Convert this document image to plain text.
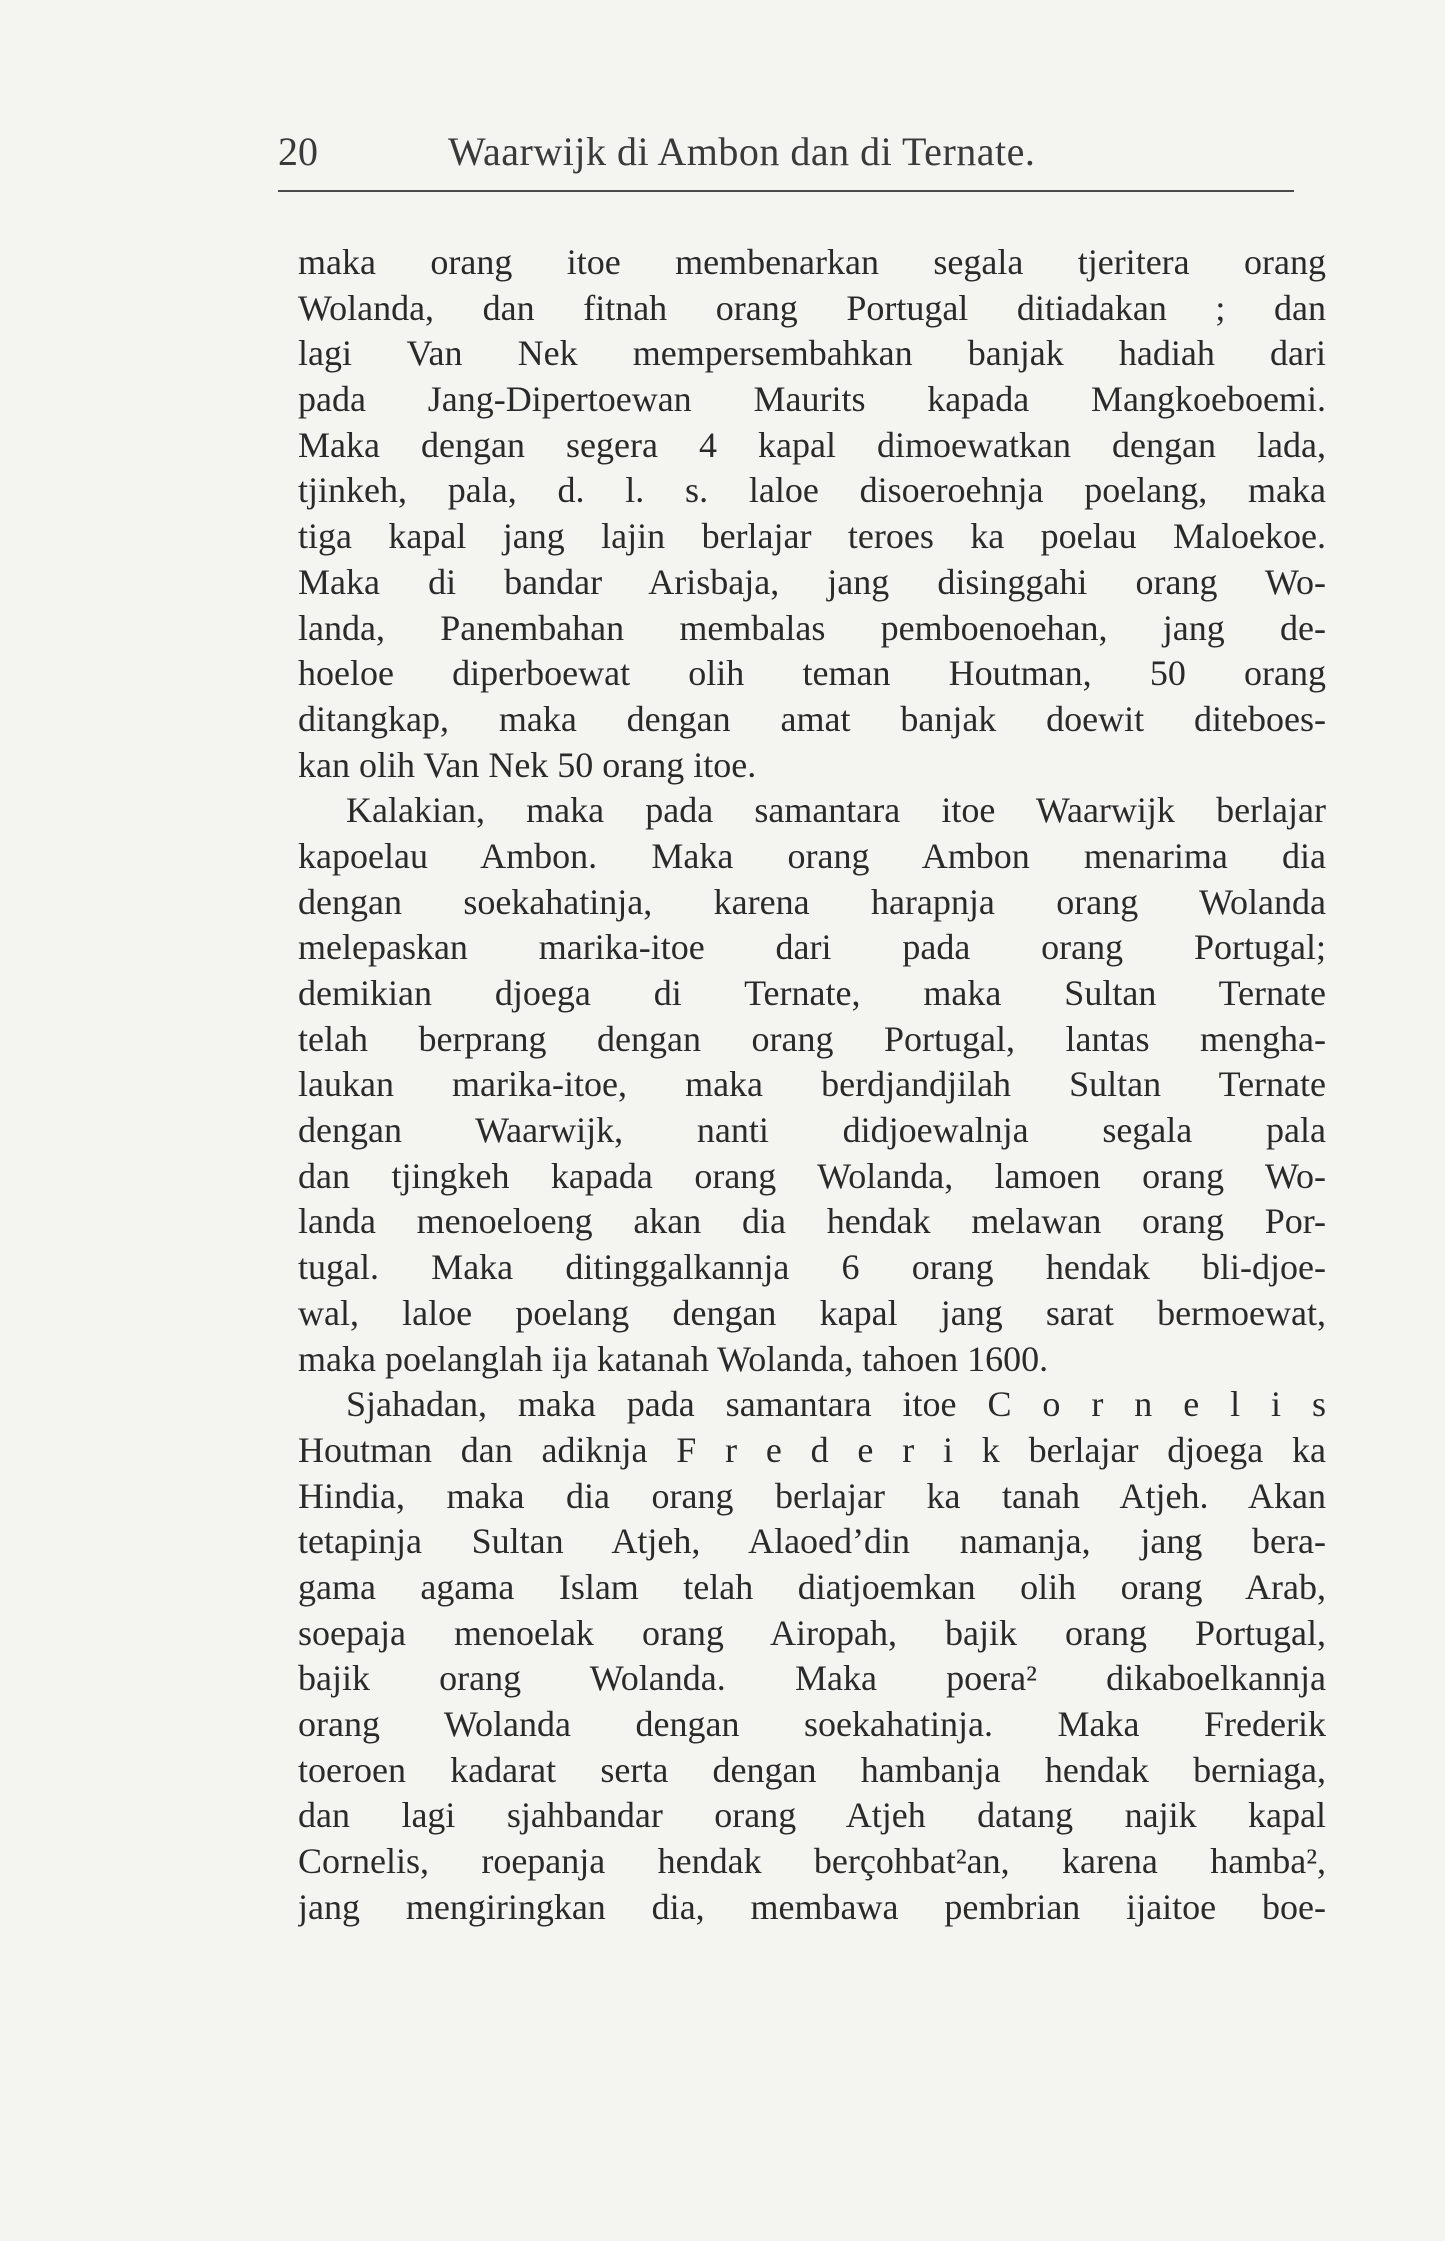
20	Waarwijk di Ambon dan di Ternate.
maka orang itoe membenarkan segala tjeritera orang
Wolanda, dan fitnah orang Portugal ditiadakan ; dan
lagi Van Nek mempersembahkan banjak hadiah dari
pada Jang-Dipertoewan Maurits kapada Mangkoeboemi.
Maka dengan segera 4 kapal dimoewatkan dengan lada,
tjinkeh, pala, d. l. s. laloe disoeroehnja poelang, maka
tiga kapal jang lajin berlajar teroes ka poelau Maloekoe.
Maka di bandar Arisbaja, jang disinggahi orang Wo-
landa, Panembahan membalas pemboenoehan, jang de-
hoeloe diperboewat olih teman Houtman, 50 orang
ditangkap, maka dengan amat banjak doewit diteboes-
kan olih Van Nek 50 orang itoe.
Kalakian, maka pada samantara itoe Waarwijk berlajar
kapoelau Ambon. Maka orang Ambon menarima dia
dengan soekahatinja, karena harapnja orang Wolanda
melepaskan marika-itoe dari pada orang Portugal;
demikian djoega di Ternate, maka Sultan Ternate
telah berprang dengan orang Portugal, lantas mengha-
laukan marika-itoe, maka berdjandjilah Sultan Ternate
dengan Waarwijk, nanti didjoewalnja segala pala
dan tjingkeh kapada orang Wolanda, lamoen orang Wo-
landa menoeloeng akan dia hendak melawan orang Por-
tugal. Maka ditinggalkannja 6 orang hendak bli-djoe-
wal, laloe poelang dengan kapal jang sarat bermoewat,
maka poelanglah ija katanah Wolanda, tahoen 1600.
Sjahadan, maka pada samantara itoe C o r n e l i s
Houtman dan adiknja F r e d e r i k berlajar djoega ka
Hindia, maka dia orang berlajar ka tanah Atjeh. Akan
tetapinja Sultan Atjeh, Alaoed’din namanja, jang bera-
gama agama Islam telah diatjoemkan olih orang Arab,
soepaja menoelak orang Airopah, bajik orang Portugal,
bajik orang Wolanda. Maka poera² dikaboelkannja
orang Wolanda dengan soekahatinja. Maka Frederik
toeroen kadarat serta dengan hambanja hendak berniaga,
dan lagi sjahbandar orang Atjeh datang najik kapal
Cornelis, roepanja hendak berçohbat²an, karena hamba²,
jang mengiringkan dia, membawa pembrian ijaitoe boe-
